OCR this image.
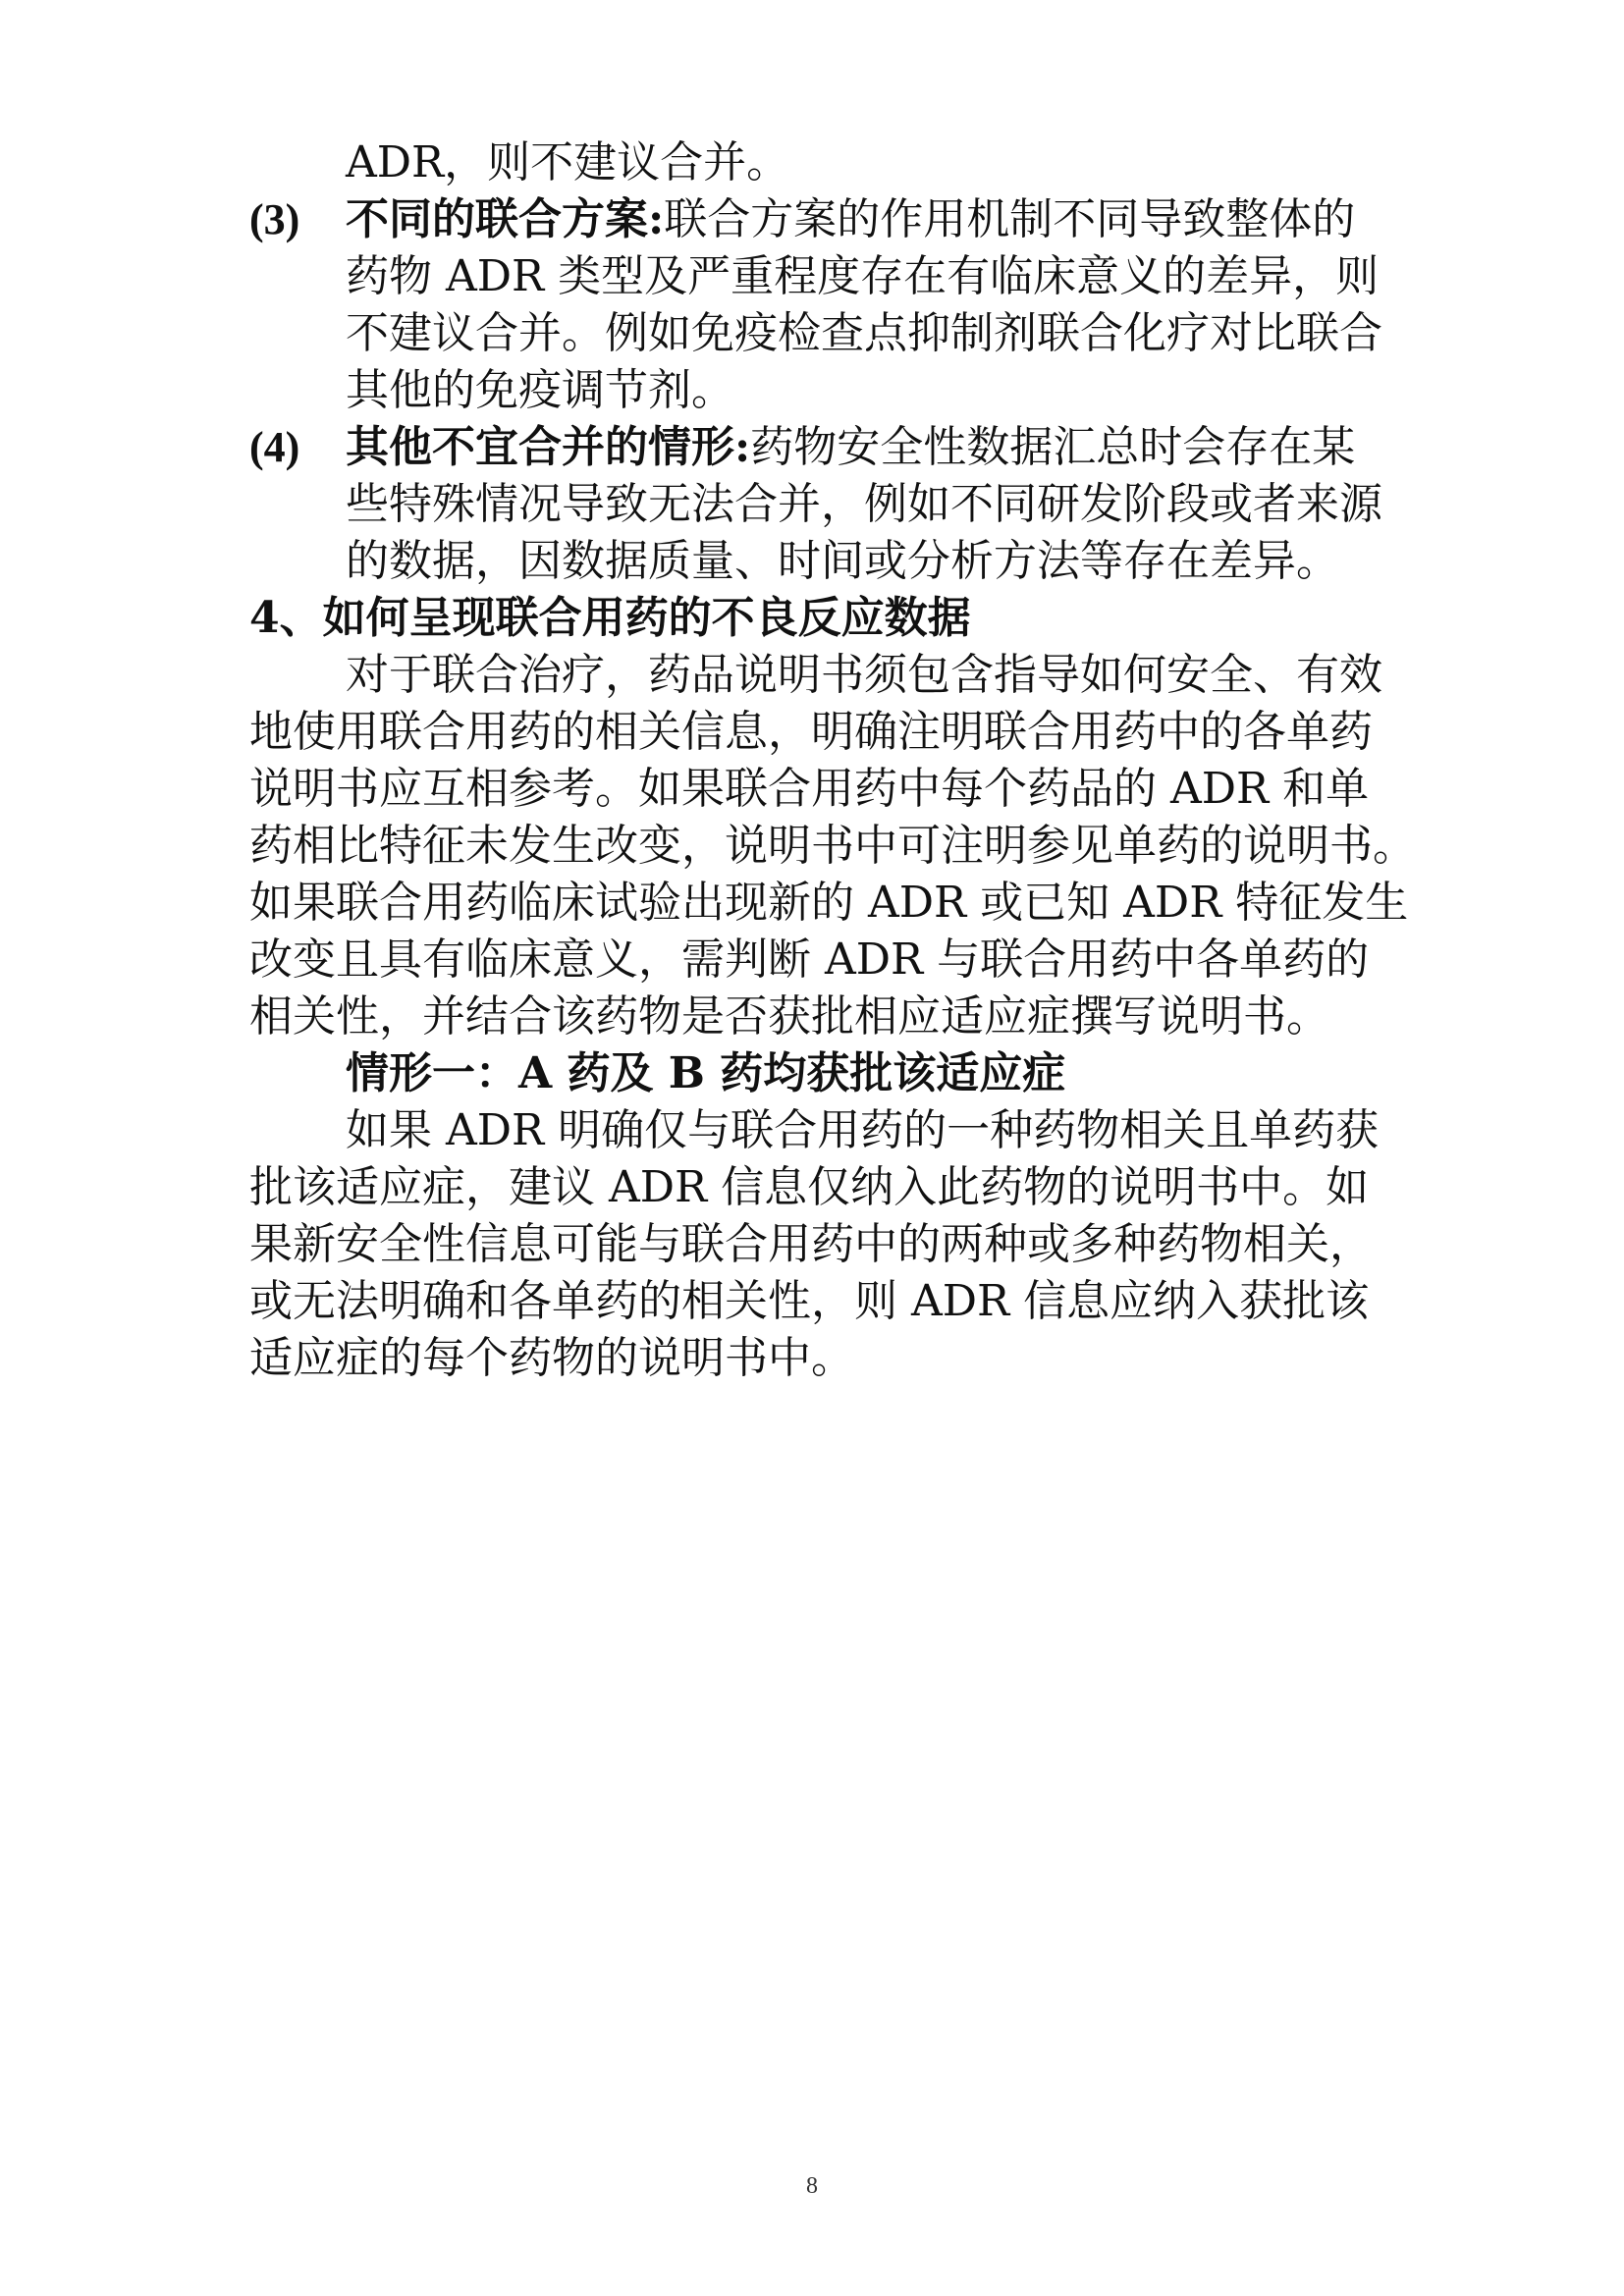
ADR，则不建议合并。
(3) 不同的联合方案:联合方案的作用机制不同导致整体的
药物 ADR 类型及严重程度存在有临床意义的差异，则
不建议合并。例如免疫检查点抑制剂联合化疗对比联合
其他的免疫调节剂。
(4) 其他不宜合并的情形:药物安全性数据汇总时会存在某
些特殊情况导致无法合并，例如不同研发阶段或者来源
的数据，因数据质量、时间或分析方法等存在差异。
4、如何呈现联合用药的不良反应数据
对于联合治疗，药品说明书须包含指导如何安全、有效
地使用联合用药的相关信息，明确注明联合用药中的各单药
说明书应互相参考。如果联合用药中每个药品的 ADR 和单
药相比特征未发生改变，说明书中可注明参见单药的说明书。
如果联合用药临床试验出现新的 ADR 或已知 ADR 特征发生
改变且具有临床意义，需判断 ADR 与联合用药中各单药的
相关性，并结合该药物是否获批相应适应症撰写说明书。
情形一：A 药及 B 药均获批该适应症
如果 ADR 明确仅与联合用药的一种药物相关且单药获
批该适应症，建议 ADR 信息仅纳入此药物的说明书中。如
果新安全性信息可能与联合用药中的两种或多种药物相关，
或无法明确和各单药的相关性，则 ADR 信息应纳入获批该
适应症的每个药物的说明书中。
8
